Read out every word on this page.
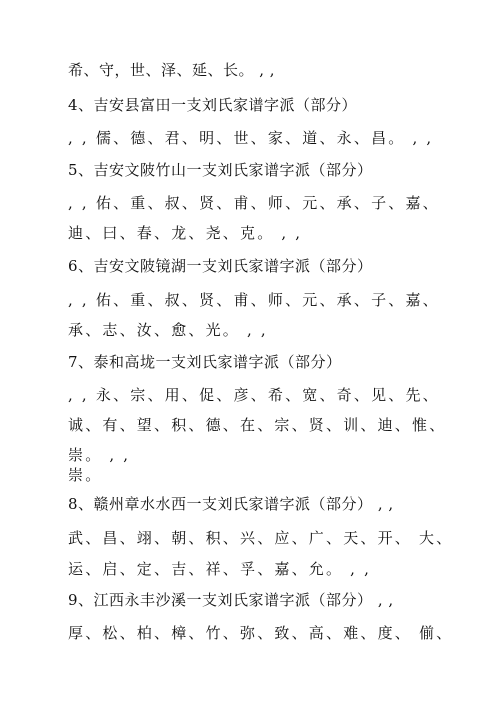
希、守，世、泽、延、长。 , ,
4、吉安县富田一支刘氏家谱字派（部分）
, , 儒、德、君、明、世、家、道、永、昌。 , ,
5、吉安文陂竹山一支刘氏家谱字派（部分）
, , 佑、重、叔、贤、甫、师、元、承、子、嘉、
迪、曰、春、龙、尧、克。 , ,
6、吉安文陂镜湖一支刘氏家谱字派（部分）
, , 佑、重、叔、贤、甫、师、元、承、子、嘉、
承、志、汝、愈、光。 , ,
7、泰和高垅一支刘氏家谱字派（部分）
, , 永、宗、用、促、彦、希、宽、奇、见、先、
诚、有、望、积、德、在、宗、贤、训、迪、惟、
崇。 , ,
崇。
8、赣州章水水西一支刘氏家谱字派（部分） , ,
武、昌、翊、朝、积、兴、应、广、天、开、 大、
运、启、定、吉、祥、孚、嘉、允。 , ,
9、江西永丰沙溪一支刘氏家谱字派（部分） , ,
厚、松、柏、樟、竹、弥、致、高、难、度、 偂、
